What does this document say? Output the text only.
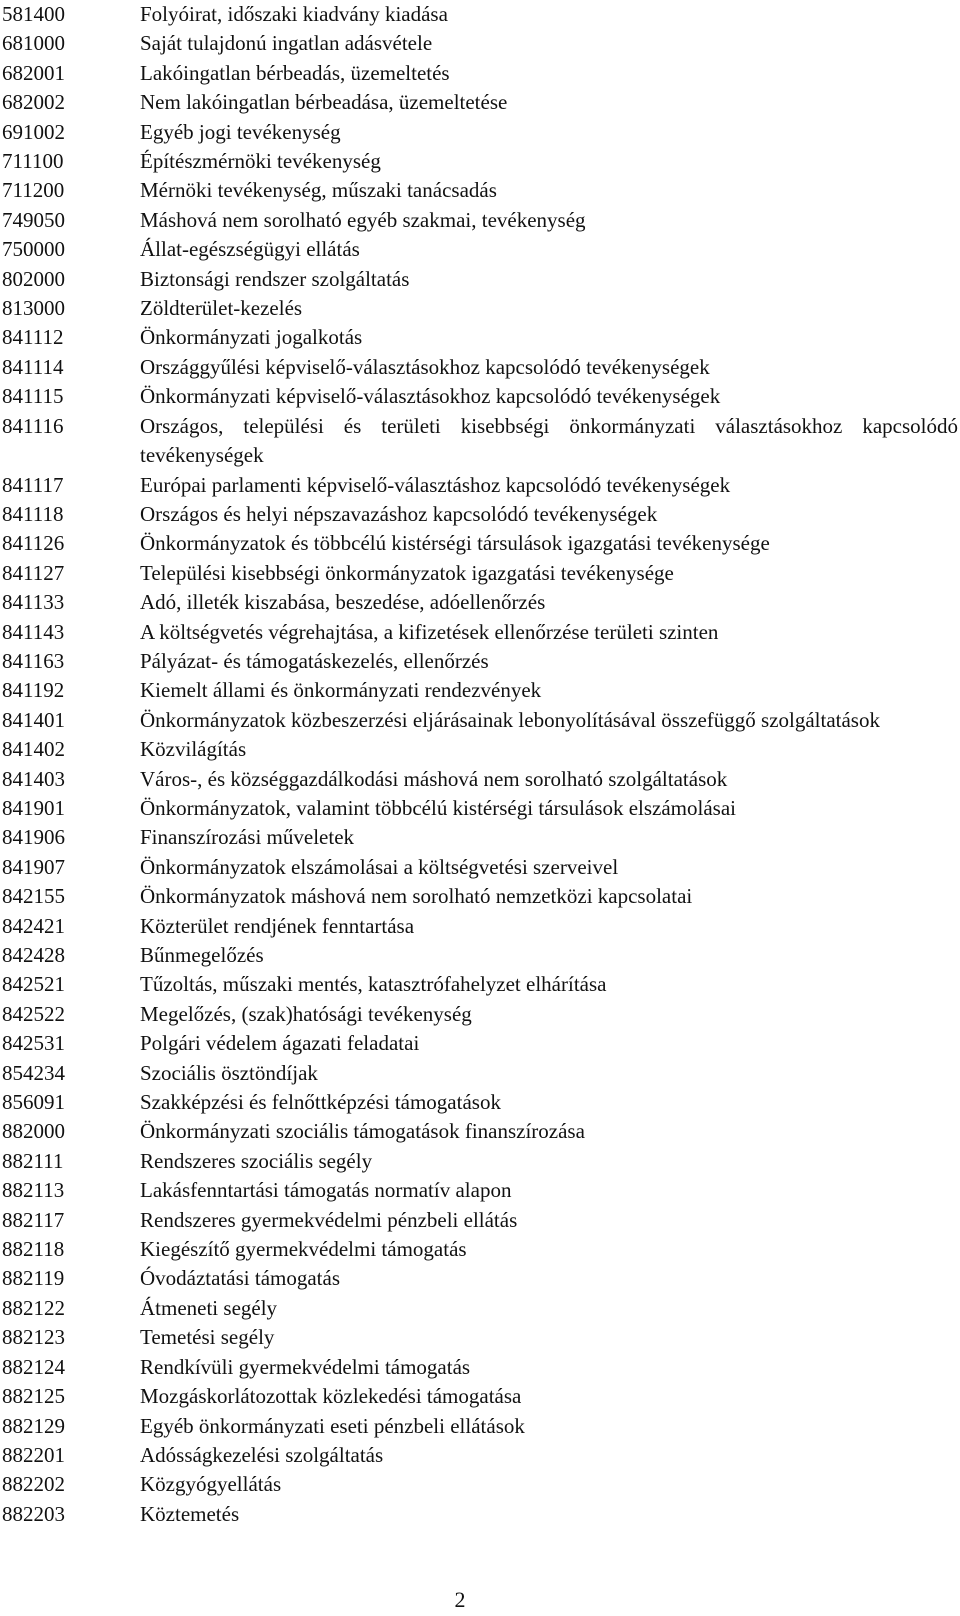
581400	Folyóirat, időszaki kiadvány kiadása
681000	Saját tulajdonú ingatlan adásvétele
682001	Lakóingatlan bérbeadás, üzemeltetés
682002	Nem lakóingatlan bérbeadása, üzemeltetése
691002	Egyéb jogi tevékenység
711100	Építészmérnöki tevékenység
711200	Mérnöki tevékenység, műszaki tanácsadás
749050	Máshová nem sorolható egyéb szakmai, tevékenység
750000	Állat-egészségügyi ellátás
802000	Biztonsági rendszer szolgáltatás
813000	Zöldterület-kezelés
841112	Önkormányzati jogalkotás
841114	Országgyűlési képviselő-választásokhoz kapcsolódó tevékenységek
841115	Önkormányzati képviselő-választásokhoz kapcsolódó tevékenységek
841116	Országos, települési és területi kisebbségi önkormányzati választásokhoz kapcsolódó tevékenységek
841117	Európai parlamenti képviselő-választáshoz kapcsolódó tevékenységek
841118	Országos és helyi népszavazáshoz kapcsolódó tevékenységek
841126	Önkormányzatok és többcélú kistérségi társulások igazgatási tevékenysége
841127	Települési kisebbségi önkormányzatok igazgatási tevékenysége
841133	Adó, illeték kiszabása, beszedése, adóellenőrzés
841143	A költségvetés végrehajtása, a kifizetések ellenőrzése területi szinten
841163	Pályázat- és támogatáskezelés, ellenőrzés
841192	Kiemelt állami és önkormányzati rendezvények
841401	Önkormányzatok közbeszerzési eljárásainak lebonyolításával összefüggő szolgáltatások
841402	Közvilágítás
841403	Város-, és községgazdálkodási máshová nem sorolható szolgáltatások
841901	Önkormányzatok, valamint többcélú kistérségi társulások elszámolásai
841906	Finanszírozási műveletek
841907	Önkormányzatok elszámolásai a költségvetési szerveivel
842155	Önkormányzatok máshová nem sorolható nemzetközi kapcsolatai
842421	Közterület rendjének fenntartása
842428	Bűnmegelőzés
842521	Tűzoltás, műszaki mentés, katasztrófahelyzet elhárítása
842522	Megelőzés, (szak)hatósági tevékenység
842531	Polgári védelem ágazati feladatai
854234	Szociális ösztöndíjak
856091	Szakképzési és felnőttképzési támogatások
882000	Önkormányzati szociális támogatások finanszírozása
882111	Rendszeres szociális segély
882113	Lakásfenntartási támogatás normatív alapon
882117	Rendszeres gyermekvédelmi pénzbeli ellátás
882118	Kiegészítő gyermekvédelmi támogatás
882119	Óvodáztatási támogatás
882122	Átmeneti segély
882123	Temetési segély
882124	Rendkívüli gyermekvédelmi támogatás
882125	Mozgáskorlátozottak közlekedési támogatása
882129	Egyéb önkormányzati eseti pénzbeli ellátások
882201	Adósságkezelési szolgáltatás
882202	Közgyógyellátás
882203	Köztemetés
2
